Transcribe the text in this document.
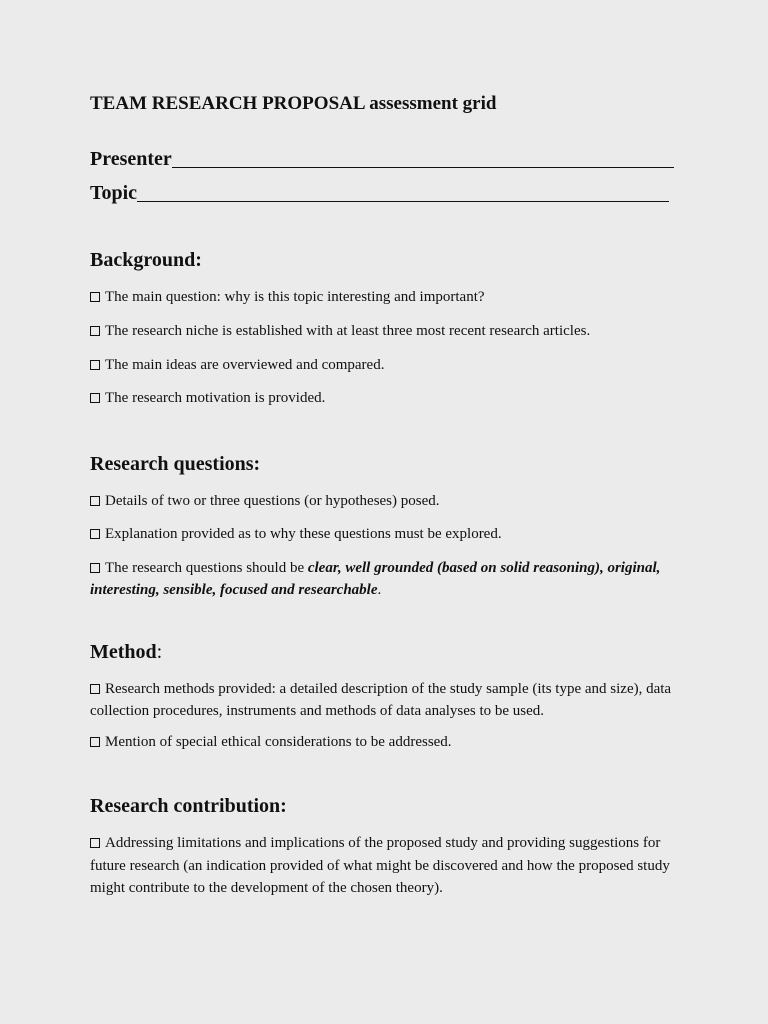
TEAM RESEARCH PROPOSAL assessment grid
Presenter
Topic
Background:
The main question: why is this topic interesting and important?
The research niche is established with at least three most recent research articles.
The main ideas are overviewed and compared.
The research motivation is provided.
Research questions:
Details of two or three questions (or hypotheses) posed.
Explanation provided as to why these questions must be explored.
The research questions should be clear, well grounded (based on solid reasoning), original, interesting, sensible, focused and researchable.
Method:
Research methods provided: a detailed description of the study sample (its type and size), data collection procedures, instruments and methods of data analyses to be used.
Mention of special ethical considerations to be addressed.
Research contribution:
Addressing limitations and implications of the proposed study and providing suggestions for future research (an indication provided of what might be discovered and how the proposed study might contribute to the development of the chosen theory).
